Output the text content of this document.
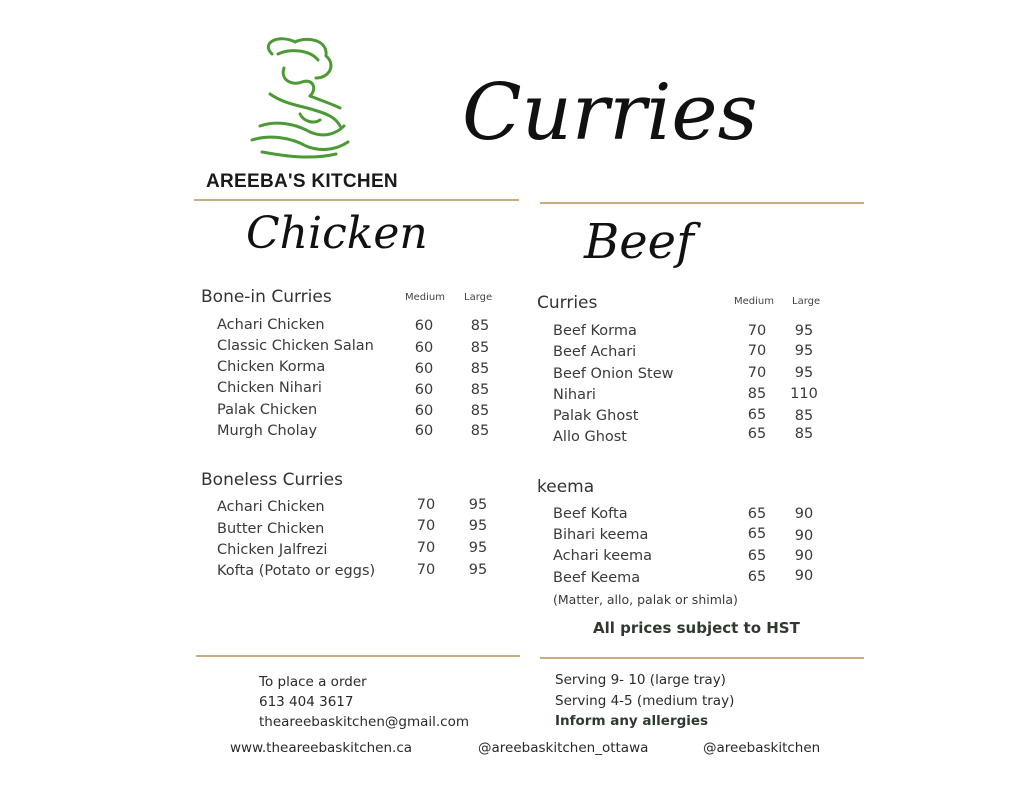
AREEBA'S KITCHEN
Curries
Chicken
Bone-in Curries	Medium Large
Achari Chicken	60	85
Classic Chicken Salan	60	85
Chicken Korma	60	85
Chicken Nihari	60	85
Palak Chicken	60	85
Murgh Cholay	60	85
Boneless Curries
Achari Chicken	70	95
Butter Chicken	70	95
Chicken Jalfrezi	70	95
Kofta (Potato or eggs)	70	95
Beef
Curries	Medium Large
Beef Korma	70	95
Beef Achari	70	95
Beef Onion Stew	70	95
Nihari	85	110
Palak Ghost	65	85
Allo Ghost	65	85
keema
Beef Kofta	65	90
Bihari keema	65	90
Achari keema	65	90
Beef Keema	65	90
(Matter, allo, palak or shimla)
All prices subject to HST
To place a order
613 404 3617
theareebaskitchen@gmail.com
Serving 9- 10 (large tray)
Serving 4-5 (medium tray)
Inform any allergies
www.theareebaskitchen.ca	@areebaskitchen_ottawa	@areebaskitchen
